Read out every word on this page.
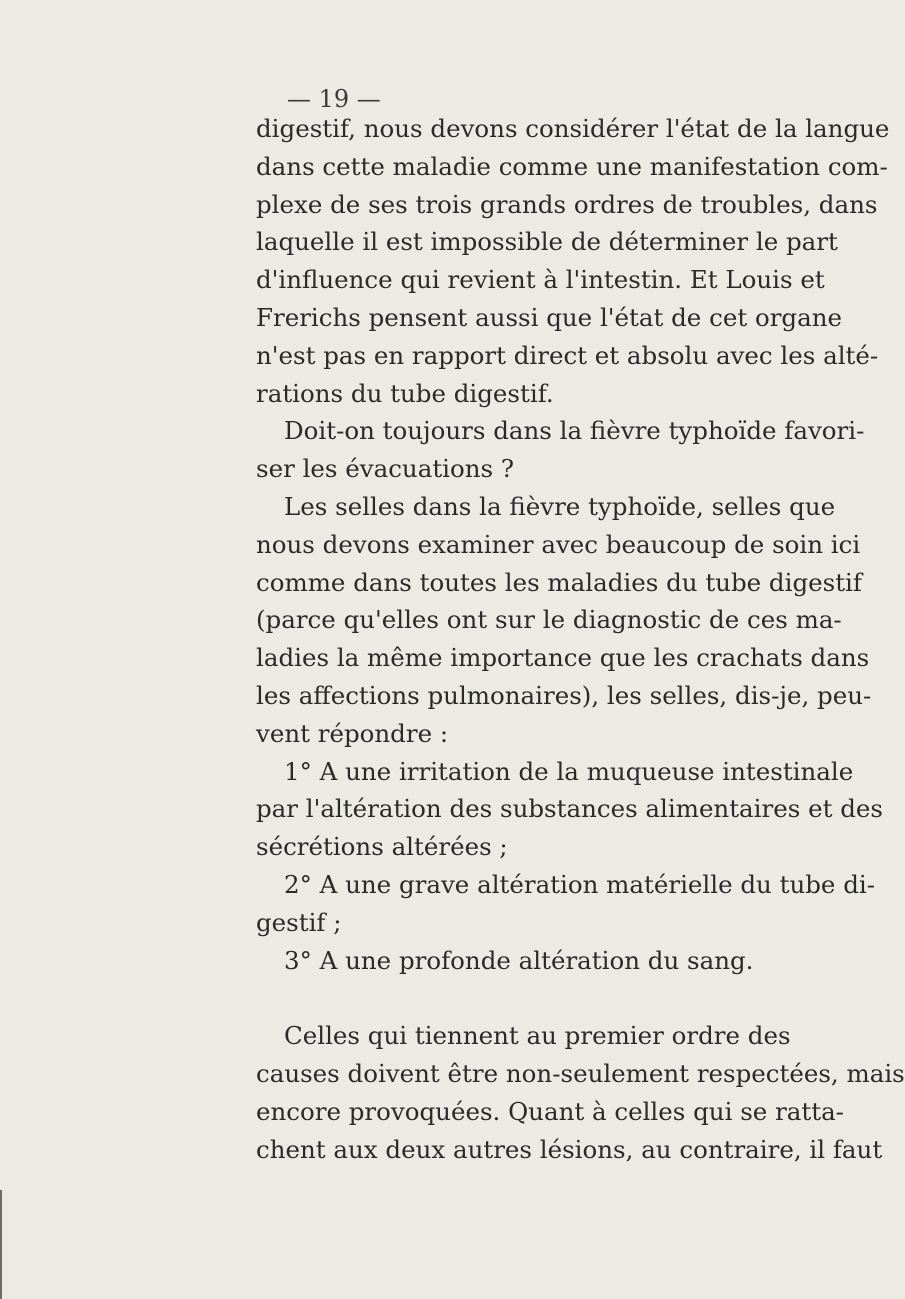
— 19 —
digestif, nous devons considérer l'état de la langue
dans cette maladie comme une manifestation com-
plexe de ses trois grands ordres de troubles, dans
laquelle il est impossible de déterminer le part
d'influence qui revient à l'intestin. Et Louis et
Frerichs pensent aussi que l'état de cet organe
n'est pas en rapport direct et absolu avec les alté-
rations du tube digestif.
Doit-on toujours dans la fièvre typhoïde favori-
ser les évacuations ?
Les selles dans la fièvre typhoïde, selles que
nous devons examiner avec beaucoup de soin ici
comme dans toutes les maladies du tube digestif
(parce qu'elles ont sur le diagnostic de ces ma-
ladies la même importance que les crachats dans
les affections pulmonaires), les selles, dis-je, peu-
vent répondre :
1° A une irritation de la muqueuse intestinale
par l'altération des substances alimentaires et des
sécrétions altérées ;
2° A une grave altération matérielle du tube di-
gestif ;
3° A une profonde altération du sang.
Celles qui tiennent au premier ordre des
causes doivent être non-seulement respectées, mais
encore provoquées. Quant à celles qui se ratta-
chent aux deux autres lésions, au contraire, il faut
